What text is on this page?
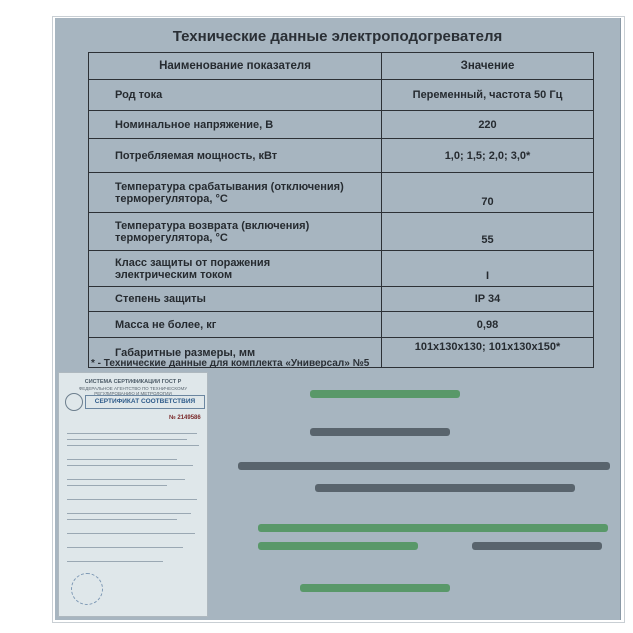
Технические данные электроподогревателя
Наименование показателя	Значение
Род тока	Переменный, частота 50 Гц
Номинальное напряжение, В	220
Потребляемая мощность, кВт	1,0; 1,5; 2,0; 3,0*

Температура срабатывания (отключения)
терморегулятора, °С	70

Температура возврата (включения)
терморегулятора, °С	55

Класс защиты от поражения
электрическим током	I
Степень защиты	IP 34
Масса не более, кг	0,98
Габаритные размеры, мм	101x130x130; 101x130x150*
* - Технические данные для комплекта «Универсал» №5
СИСТЕМА СЕРТИФИКАЦИИ ГОСТ Р
ФЕДЕРАЛЬНОЕ АГЕНТСТВО ПО ТЕХНИЧЕСКОМУ РЕГУЛИРОВАНИЮ И МЕТРОЛОГИИ
СЕРТИФИКАТ СООТВЕТСТВИЯ
№ 2149586
